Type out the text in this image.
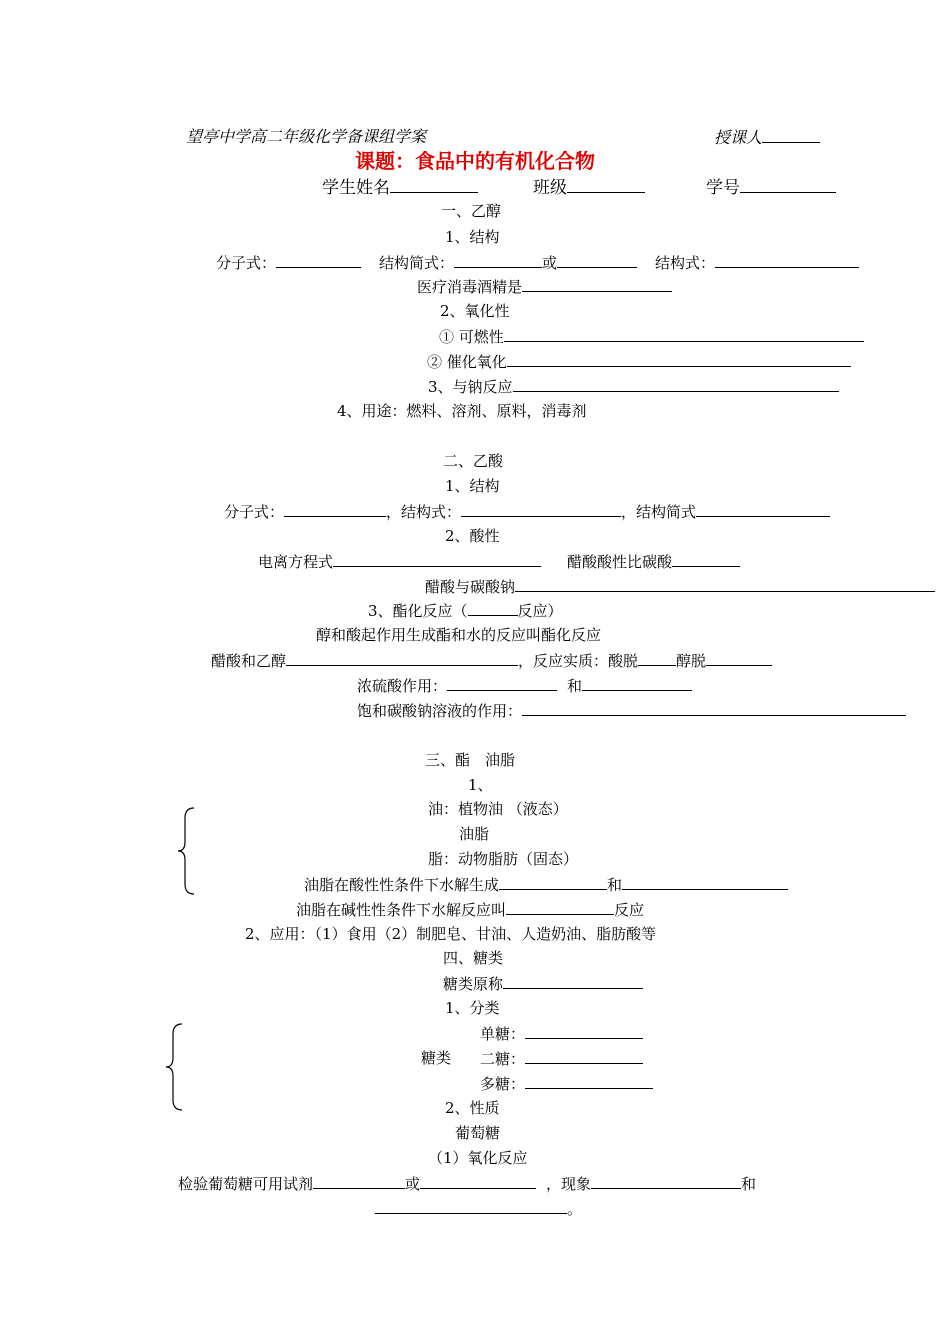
望亭中学高二年级化学备课组学案	授课人
课题：食品中的有机化合物
学生姓名	班级	学号
一、乙醇
1、结构
分子式：	结构简式：	或	结构式：
医疗消毒酒精是
2、氧化性
① 可燃性
② 催化氧化
3、与钠反应
4、用途：燃料、溶剂、原料，消毒剂
二、乙酸
1、结构
分子式：	，结构式：	，结构简式
2、酸性
电离方程式	醋酸酸性比碳酸
醋酸与碳酸钠
3、酯化反应（	反应）
醇和酸起作用生成酯和水的反应叫酯化反应
醋酸和乙醇	，反应实质：酸脱	醇脱
浓硫酸作用：	和
饱和碳酸钠溶液的作用：
三、酯　油脂
1、
油：植物油 （液态）
油脂
脂：动物脂肪（固态）
油脂在酸性性条件下水解生成	和
油脂在碱性性条件下水解反应叫	反应
2、应用：（1）食用（2）制肥皂、甘油、人造奶油、脂肪酸等
四、糖类
糖类原称
1、分类
单糖：
糖类 二糖：
多糖：
2、性质
葡萄糖
（1）氧化反应
检验葡萄糖可用试剂	或	，现象	和
。
